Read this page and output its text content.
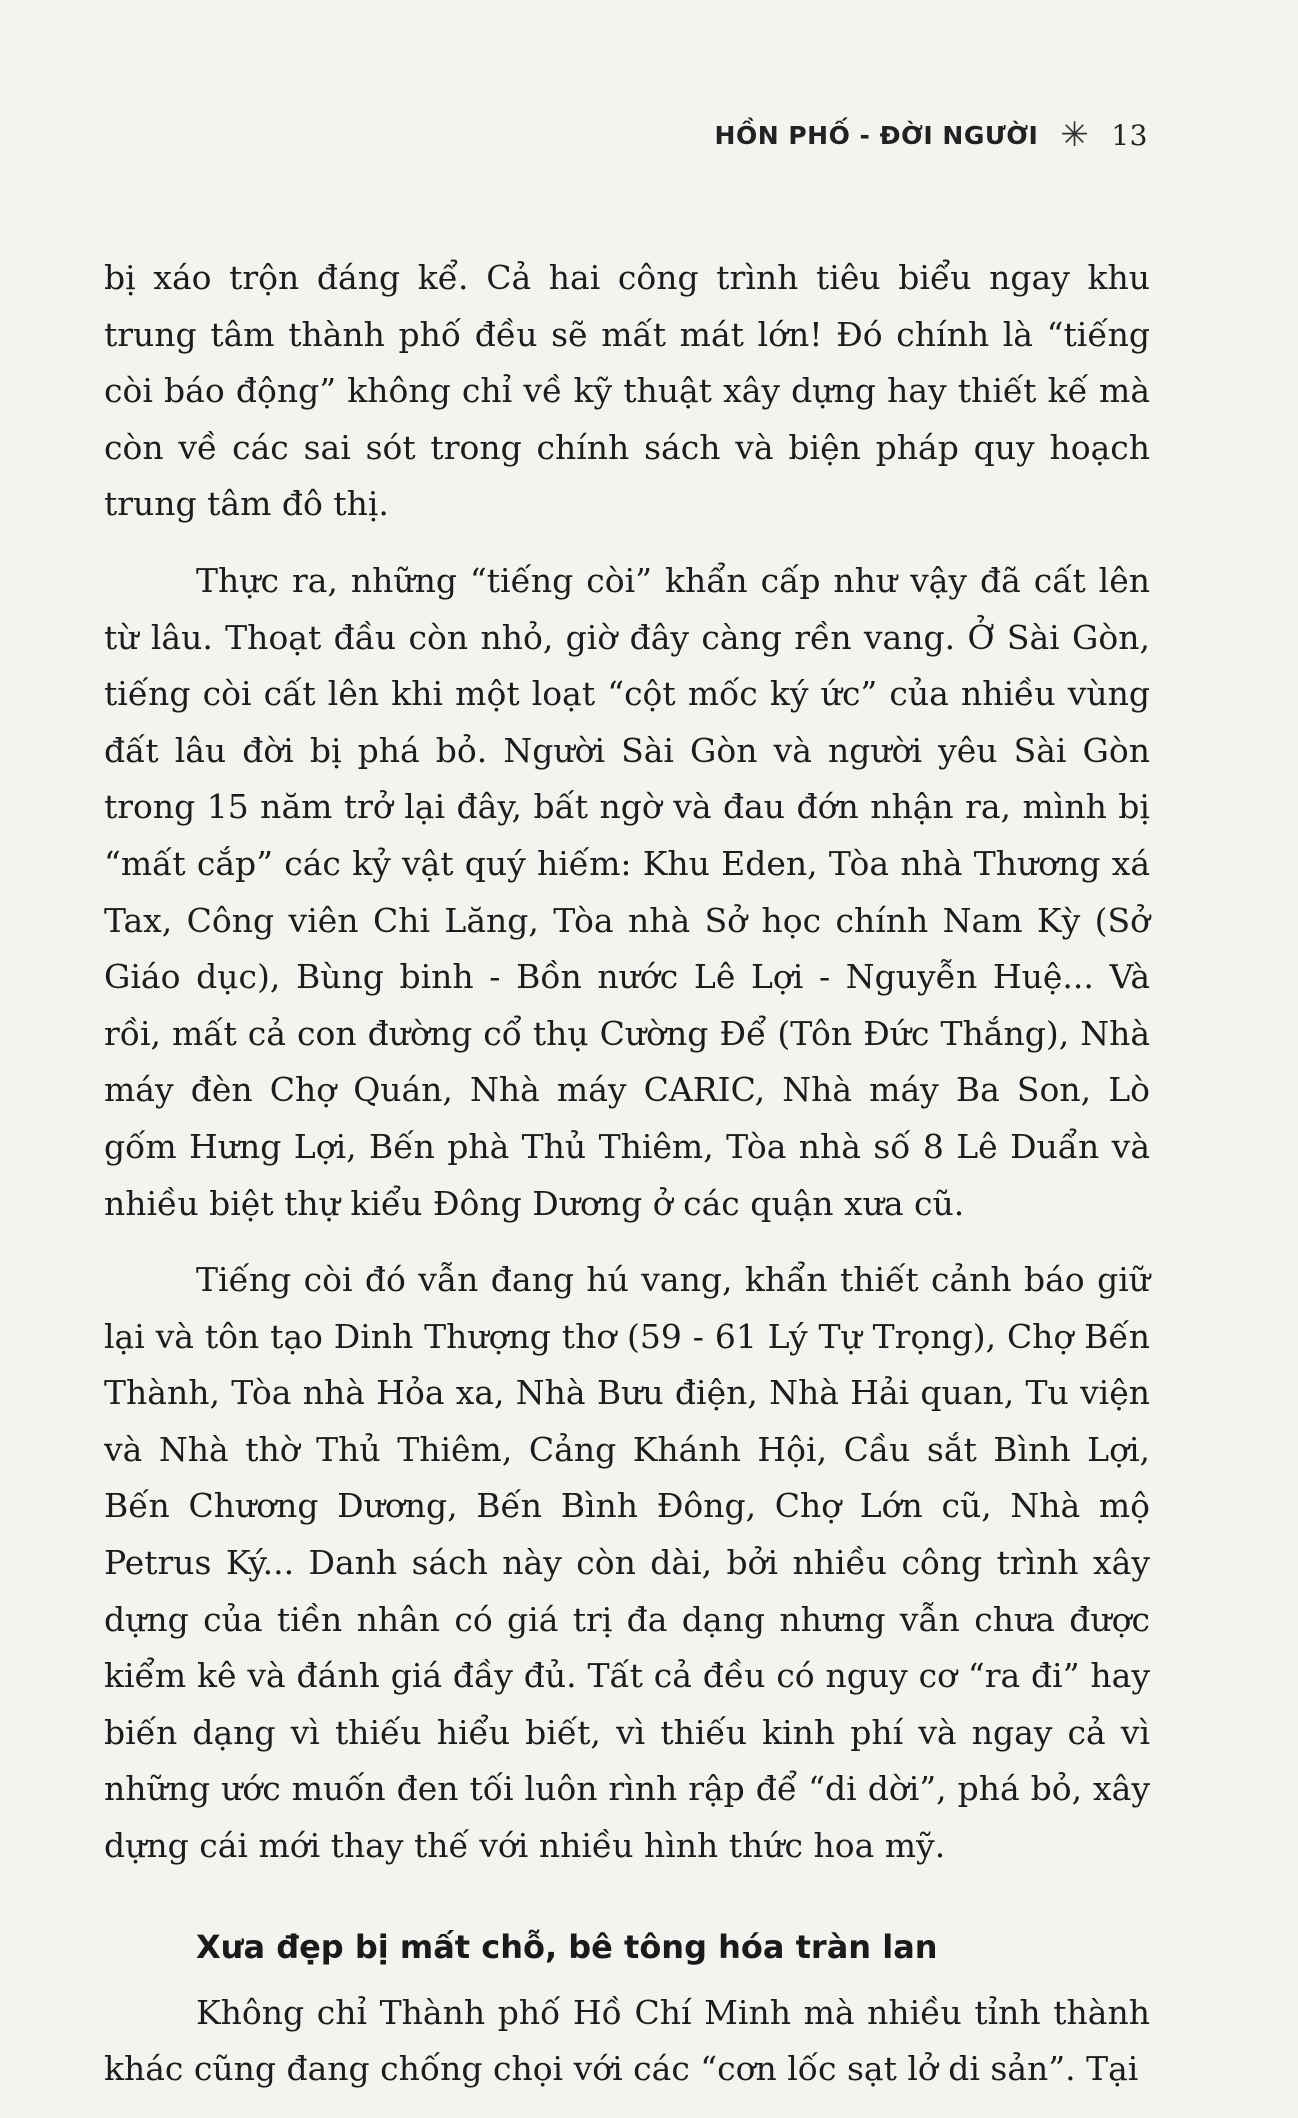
HỒN PHỐ - ĐỜI NGƯỜI ✳ 13

bị xáo trộn đáng kể. Cả hai công trình tiêu biểu ngay khu trung tâm thành phố đều sẽ mất mát lớn! Đó chính là “tiếng còi báo động” không chỉ về kỹ thuật xây dựng hay thiết kế mà còn về các sai sót trong chính sách và biện pháp quy hoạch trung tâm đô thị.

Thực ra, những “tiếng còi” khẩn cấp như vậy đã cất lên từ lâu. Thoạt đầu còn nhỏ, giờ đây càng rền vang. Ở Sài Gòn, tiếng còi cất lên khi một loạt “cột mốc ký ức” của nhiều vùng đất lâu đời bị phá bỏ. Người Sài Gòn và người yêu Sài Gòn trong 15 năm trở lại đây, bất ngờ và đau đớn nhận ra, mình bị “mất cắp” các kỷ vật quý hiếm: Khu Eden, Tòa nhà Thương xá Tax, Công viên Chi Lăng, Tòa nhà Sở học chính Nam Kỳ (Sở Giáo dục), Bùng binh - Bồn nước Lê Lợi - Nguyễn Huệ... Và rồi, mất cả con đường cổ thụ Cường Để (Tôn Đức Thắng), Nhà máy đèn Chợ Quán, Nhà máy CARIC, Nhà máy Ba Son, Lò gốm Hưng Lợi, Bến phà Thủ Thiêm, Tòa nhà số 8 Lê Duẩn và nhiều biệt thự kiểu Đông Dương ở các quận xưa cũ.

Tiếng còi đó vẫn đang hú vang, khẩn thiết cảnh báo giữ lại và tôn tạo Dinh Thượng thơ (59 - 61 Lý Tự Trọng), Chợ Bến Thành, Tòa nhà Hỏa xa, Nhà Bưu điện, Nhà Hải quan, Tu viện và Nhà thờ Thủ Thiêm, Cảng Khánh Hội, Cầu sắt Bình Lợi, Bến Chương Dương, Bến Bình Đông, Chợ Lớn cũ, Nhà mộ Petrus Ký... Danh sách này còn dài, bởi nhiều công trình xây dựng của tiền nhân có giá trị đa dạng nhưng vẫn chưa được kiểm kê và đánh giá đầy đủ. Tất cả đều có nguy cơ “ra đi” hay biến dạng vì thiếu hiểu biết, vì thiếu kinh phí và ngay cả vì những ước muốn đen tối luôn rình rập để “di dời”, phá bỏ, xây dựng cái mới thay thế với nhiều hình thức hoa mỹ.

Xưa đẹp bị mất chỗ, bê tông hóa tràn lan

Không chỉ Thành phố Hồ Chí Minh mà nhiều tỉnh thành khác cũng đang chống chọi với các “cơn lốc sạt lở di sản”. Tại
